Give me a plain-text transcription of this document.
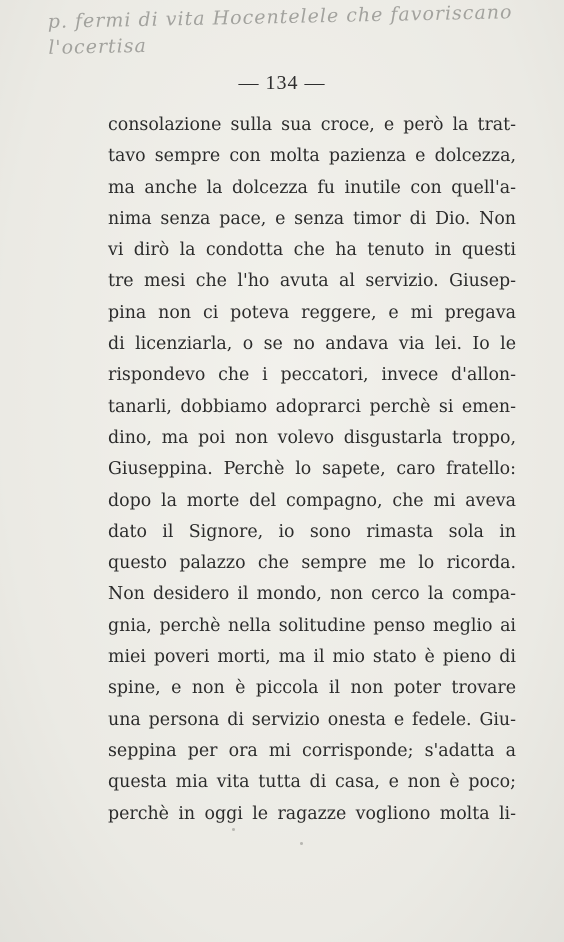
p. fermi di vita Hocentelele che favoriscano
l'ocertisa
— 134 —
consolazione sulla sua croce, e però la trat-
tavo sempre con molta pazienza e dolcezza,
ma anche la dolcezza fu inutile con quell'a-
nima senza pace, e senza timor di Dio. Non
vi dirò la condotta che ha tenuto in questi
tre mesi che l'ho avuta al servizio. Giusep-
pina non ci poteva reggere, e mi pregava
di licenziarla, o se no andava via lei. Io le
rispondevo che i peccatori, invece d'allon-
tanarli, dobbiamo adoprarci perchè si emen-
dino, ma poi non volevo disgustarla troppo,
Giuseppina. Perchè lo sapete, caro fratello:
dopo la morte del compagno, che mi aveva
dato il Signore, io sono rimasta sola in
questo palazzo che sempre me lo ricorda.
Non desidero il mondo, non cerco la compa-
gnia, perchè nella solitudine penso meglio ai
miei poveri morti, ma il mio stato è pieno di
spine, e non è piccola il non poter trovare
una persona di servizio onesta e fedele. Giu-
seppina per ora mi corrisponde; s'adatta a
questa mia vita tutta di casa, e non è poco;
perchè in oggi le ragazze vogliono molta li-
